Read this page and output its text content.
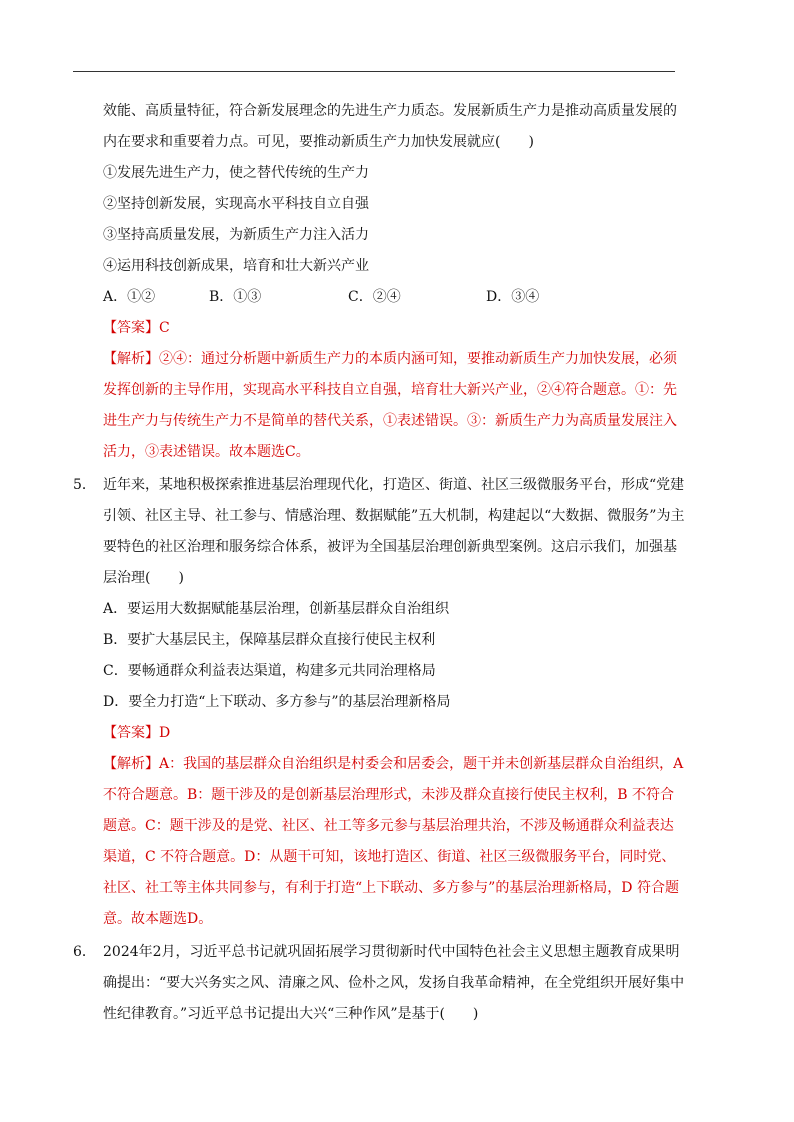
效能、高质量特征，符合新发展理念的先进生产力质态。发展新质生产力是推动高质量发展的
内在要求和重要着力点。可见，要推动新质生产力加快发展就应(　　)
①发展先进生产力，使之替代传统的生产力
②坚持创新发展，实现高水平科技自立自强
③坚持高质量发展，为新质生产力注入活力
④运用科技创新成果，培育和壮大新兴产业
A．①②	B．①③	C．②④	D．③④
【答案】C
【解析】②④：通过分析题中新质生产力的本质内涵可知，要推动新质生产力加快发展，必须
发挥创新的主导作用，实现高水平科技自立自强，培育壮大新兴产业，②④符合题意。①：先
进生产力与传统生产力不是简单的替代关系，①表述错误。③：新质生产力为高质量发展注入
活力，③表述错误。故本题选C。
5． 近年来，某地积极探索推进基层治理现代化，打造区、街道、社区三级微服务平台，形成“党建
引领、社区主导、社工参与、情感治理、数据赋能”五大机制，构建起以“大数据、微服务”为主
要特色的社区治理和服务综合体系，被评为全国基层治理创新典型案例。这启示我们，加强基
层治理(　　)
A．要运用大数据赋能基层治理，创新基层群众自治组织
B．要扩大基层民主，保障基层群众直接行使民主权利
C．要畅通群众利益表达渠道，构建多元共同治理格局
D．要全力打造“上下联动、多方参与”的基层治理新格局
【答案】D
【解析】A：我国的基层群众自治组织是村委会和居委会，题干并未创新基层群众自治组织，A
不符合题意。B：题干涉及的是创新基层治理形式，未涉及群众直接行使民主权利，B 不符合
题意。C：题干涉及的是党、社区、社工等多元参与基层治理共治，不涉及畅通群众利益表达
渠道，C 不符合题意。D：从题干可知，该地打造区、街道、社区三级微服务平台，同时党、
社区、社工等主体共同参与，有利于打造“上下联动、多方参与”的基层治理新格局，D 符合题
意。故本题选D。
6． 2024年2月，习近平总书记就巩固拓展学习贯彻新时代中国特色社会主义思想主题教育成果明
确提出：“要大兴务实之风、清廉之风、俭朴之风，发扬自我革命精神，在全党组织开展好集中
性纪律教育。”习近平总书记提出大兴“三种作风”是基于(　　)
